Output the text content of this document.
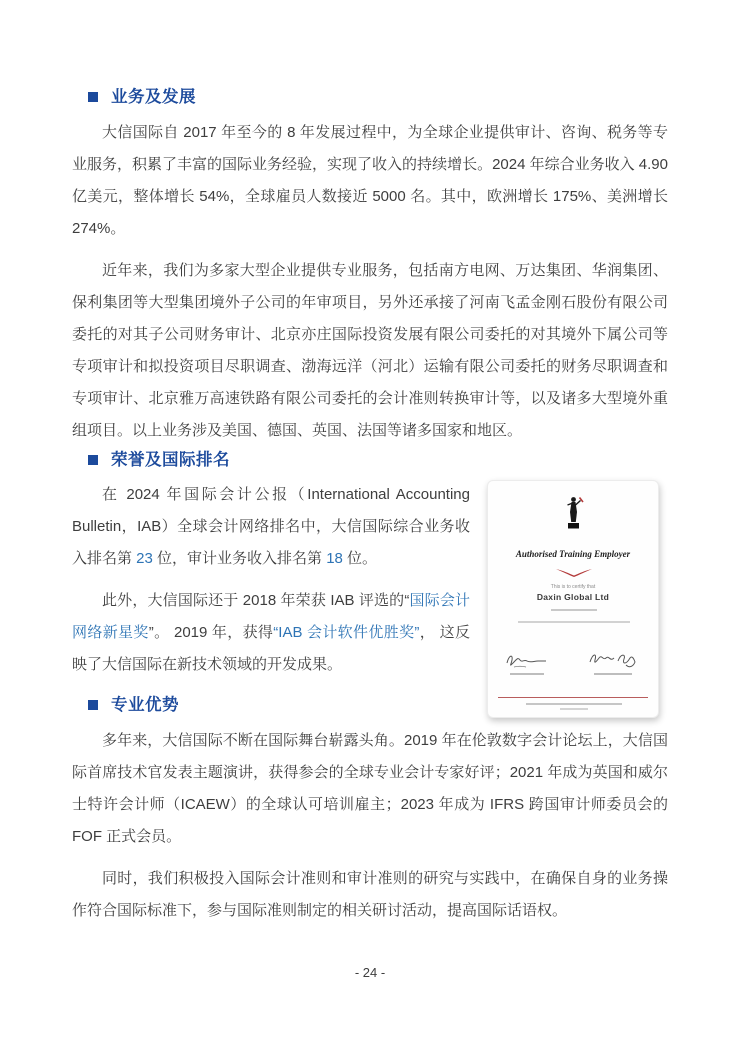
业务及发展

大信国际自 2017 年至今的 8 年发展过程中，为全球企业提供审计、咨询、税务等专业服务，积累了丰富的国际业务经验，实现了收入的持续增长。2024 年综合业务收入 4.90 亿美元，整体增长 54%，全球雇员人数接近 5000 名。其中，欧洲增长 175%、美洲增长 274%。

近年来，我们为多家大型企业提供专业服务，包括南方电网、万达集团、华润集团、保利集团等大型集团境外子公司的年审项目，另外还承接了河南飞孟金刚石股份有限公司委托的对其子公司财务审计、北京亦庄国际投资发展有限公司委托的对其境外下属公司等专项审计和拟投资项目尽职调查、渤海远洋（河北）运输有限公司委托的财务尽职调查和专项审计、北京雅万高速铁路有限公司委托的会计准则转换审计等，以及诸多大型境外重组项目。以上业务涉及美国、德国、英国、法国等诸多国家和地区。

荣誉及国际排名

在 2024 年国际会计公报（International Accounting Bulletin，IAB）全球会计网络排名中，大信国际综合业务收入排名第 23 位，审计业务收入排名第 18 位。

此外，大信国际还于 2018 年荣获 IAB 评选的“国际会计网络新星奖”。 2019 年，获得“IAB 会计软件优胜奖”， 这反映了大信国际在新技术领域的开发成果。

Authorised Training Employer
This is to certify that
Daxin Global Ltd
专业优势

多年来，大信国际不断在国际舞台崭露头角。2019 年在伦敦数字会计论坛上，大信国际首席技术官发表主题演讲，获得参会的全球专业会计专家好评；2021 年成为英国和威尔士特许会计师（ICAEW）的全球认可培训雇主；2023 年成为 IFRS 跨国审计师委员会的 FOF 正式会员。

同时，我们积极投入国际会计准则和审计准则的研究与实践中，在确保自身的业务操作符合国际标准下，参与国际准则制定的相关研讨活动，提高国际话语权。

- 24 -
